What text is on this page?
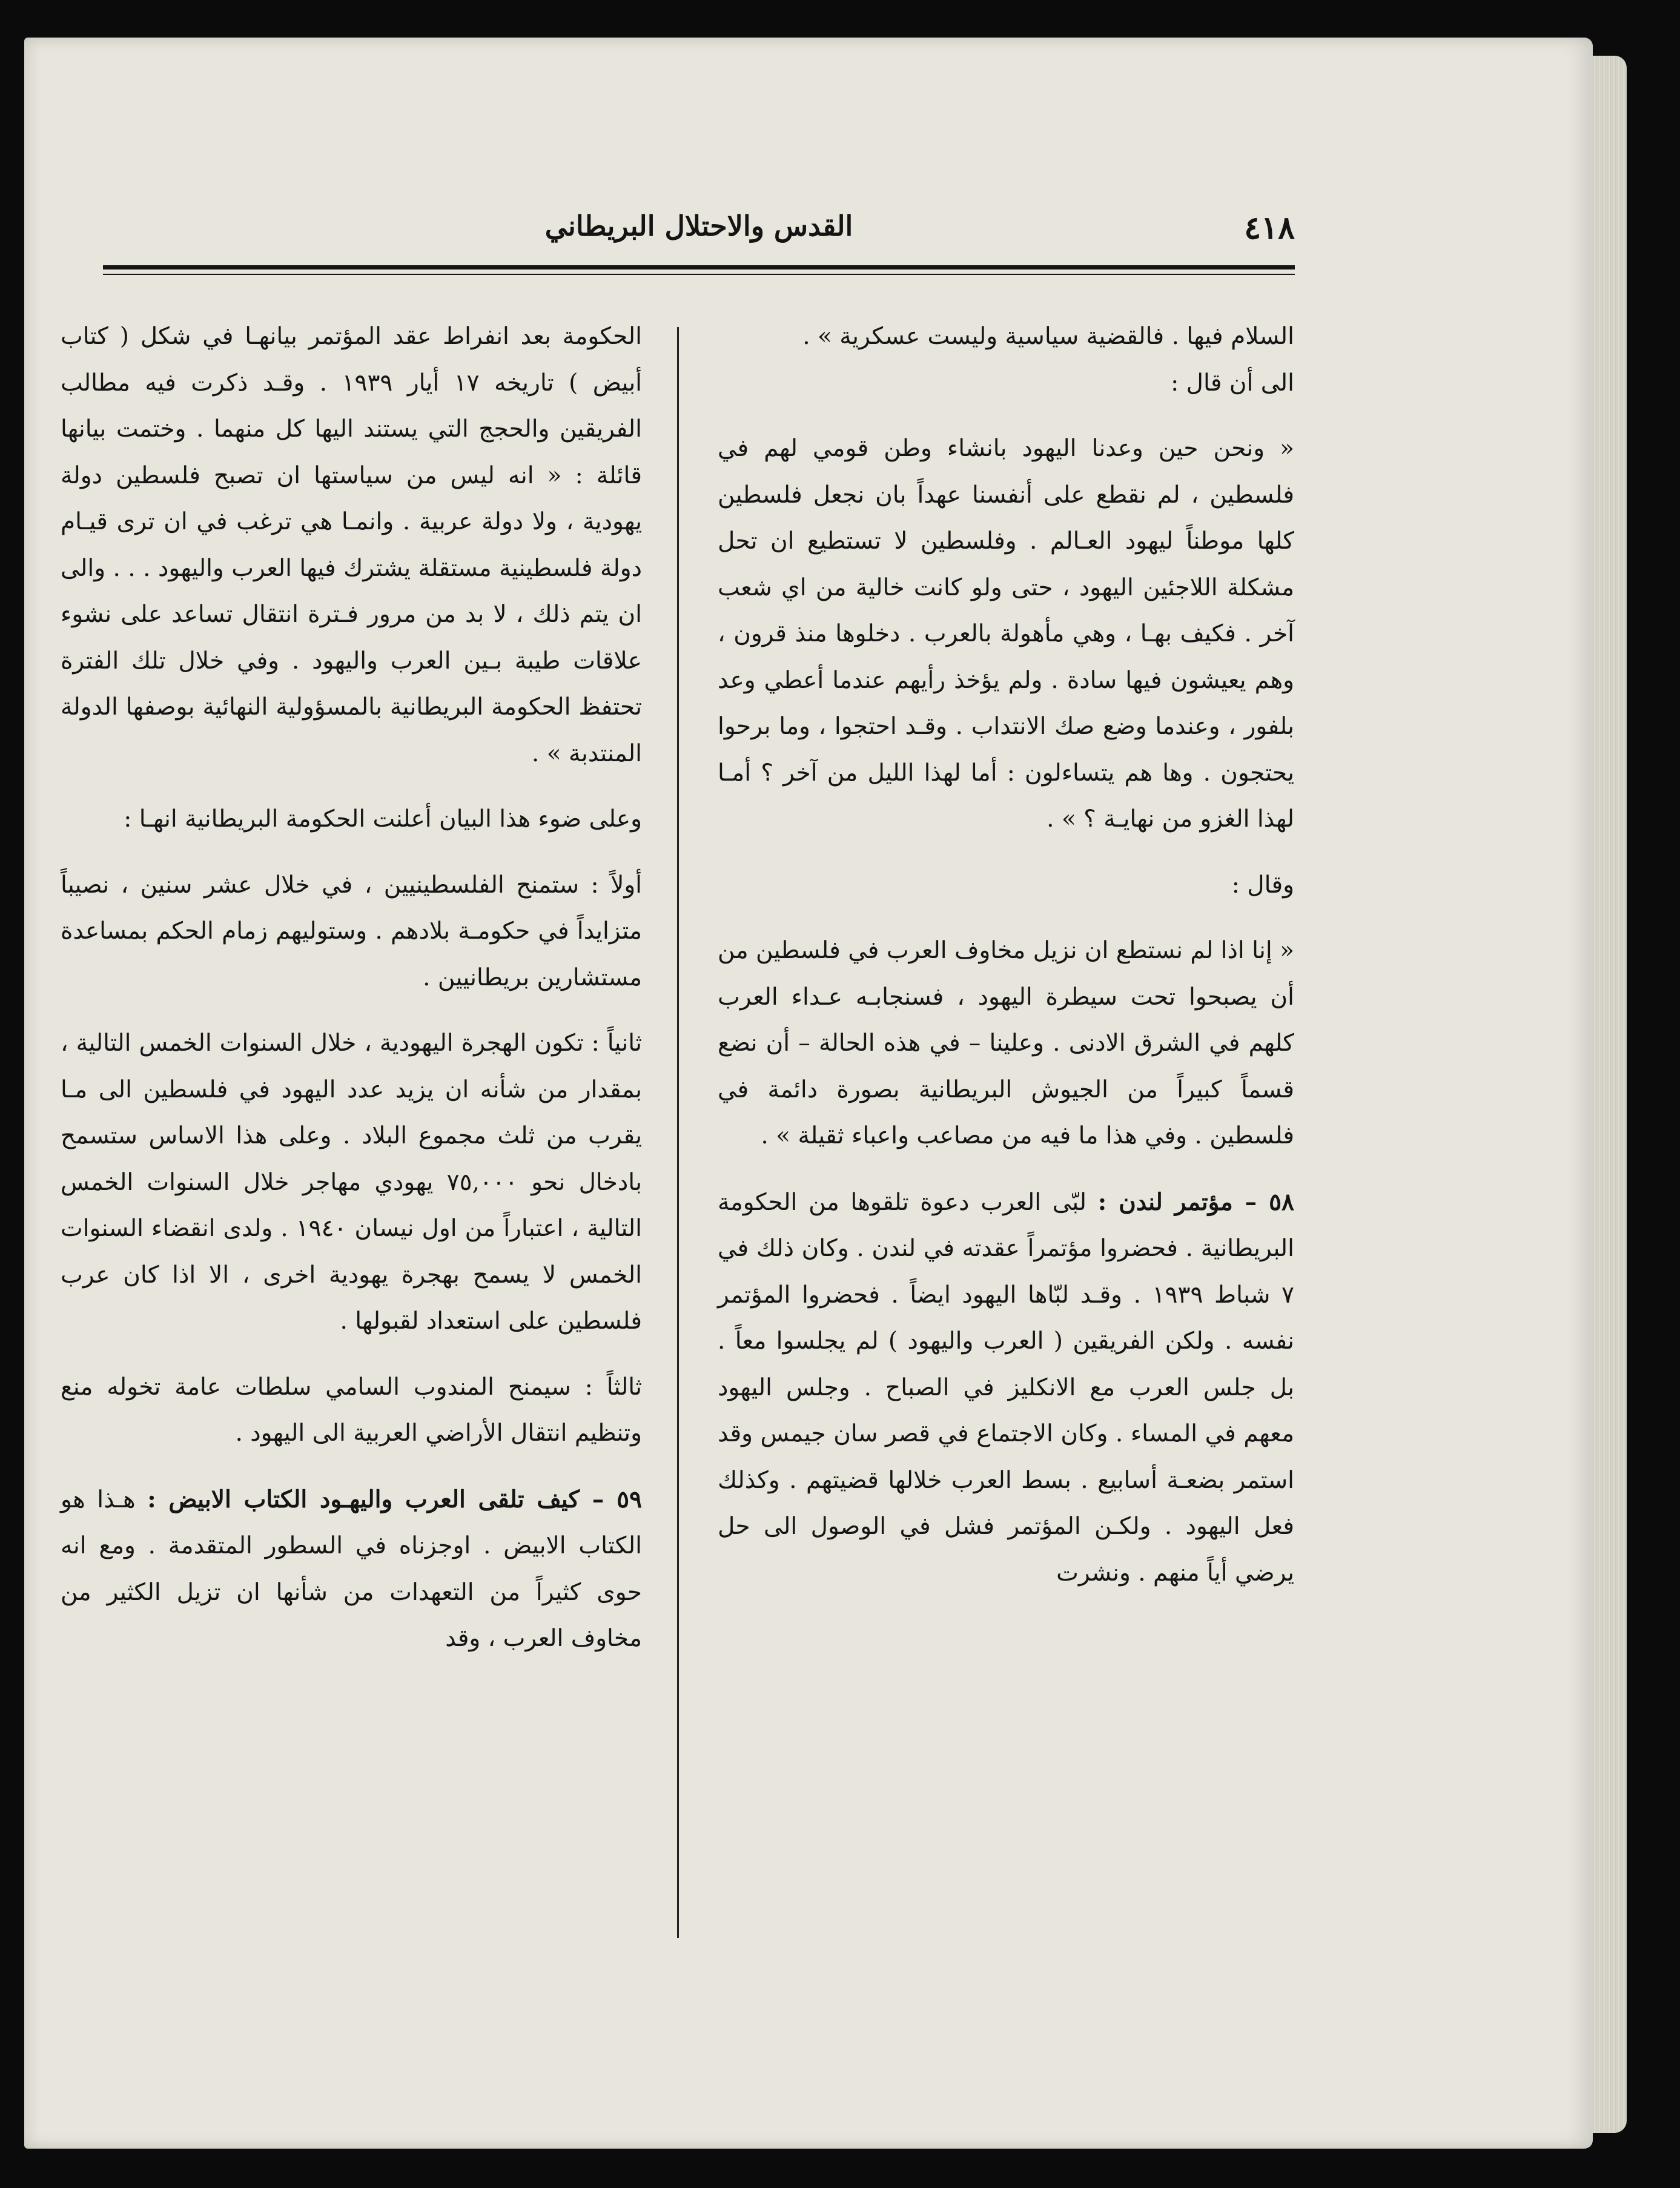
٤١٨
القدس والاحتلال البريطاني

السلام فيها . فالقضية سياسية وليست عسكرية » .

الى أن قال :

« ونحن حين وعدنا اليهود بانشاء وطن قومي لهم في فلسطين ، لم نقطع على أنفسنا عهداً بان نجعل فلسطين كلها موطناً ليهود العـالم . وفلسطين لا تستطيع ان تحل مشكلة اللاجئين اليهود ، حتى ولو كانت خالية من اي شعب آخر . فكيف بهـا ، وهي مأهولة بالعرب . دخلوها منذ قرون ، وهم يعيشون فيها سادة . ولم يؤخذ رأيهم عندما أعطي وعد بلفور ، وعندما وضع صك الانتداب . وقـد احتجوا ، وما برحوا يحتجون . وها هم يتساءلون : أما لهذا الليل من آخر ؟ أمـا لهذا الغزو من نهايـة ؟ » .

وقال :

« إنا اذا لم نستطع ان نزيل مخاوف العرب في فلسطين من أن يصبحوا تحت سيطرة اليهود ، فسنجابـه عـداء العرب كلهم في الشرق الادنى . وعلينا – في هذه الحالة – أن نضع قسماً كبيراً من الجيوش البريطانية بصورة دائمة في فلسطين . وفي هذا ما فيه من مصاعب واعباء ثقيلة » .

٥٨ – مؤتمر لندن : لبّى العرب دعوة تلقوها من الحكومة البريطانية . فحضروا مؤتمراً عقدته في لندن . وكان ذلك في ٧ شباط ١٩٣٩ . وقـد لبّاها اليهود ايضاً . فحضروا المؤتمر نفسه . ولكن الفريقين ( العرب واليهود ) لم يجلسوا معاً . بل جلس العرب مع الانكليز في الصباح . وجلس اليهود معهم في المساء . وكان الاجتماع في قصر سان جيمس وقد استمر بضعـة أسابيع . بسط العرب خلالها قضيتهم . وكذلك فعل اليهود . ولكـن المؤتمر فشل في الوصول الى حل يرضي أياً منهم . ونشرت

الحكومة بعد انفراط عقد المؤتمر بيانهـا في شكل ( كتاب أبيض ) تاريخه ١٧ أيار ١٩٣٩ . وقـد ذكرت فيه مطالب الفريقين والحجج التي يستند اليها كل منهما . وختمت بيانها قائلة : « انه ليس من سياستها ان تصبح فلسطين دولة يهودية ، ولا دولة عربية . وانمـا هي ترغب في ان ترى قيـام دولة فلسطينية مستقلة يشترك فيها العرب واليهود . . . والى ان يتم ذلك ، لا بد من مرور فـترة انتقال تساعد على نشوء علاقات طيبة بـين العرب واليهود . وفي خلال تلك الفترة تحتفظ الحكومة البريطانية بالمسؤولية النهائية بوصفها الدولة المنتدبة » .

وعلى ضوء هذا البيان أعلنت الحكومة البريطانية انهـا :

أولاً : ستمنح الفلسطينيين ، في خلال عشر سنين ، نصيباً متزايداً في حكومـة بلادهم . وستوليهم زمام الحكم بمساعدة مستشارين بريطانيين .

ثانياً : تكون الهجرة اليهودية ، خلال السنوات الخمس التالية ، بمقدار من شأنه ان يزيد عدد اليهود في فلسطين الى مـا يقرب من ثلث مجموع البلاد . وعلى هذا الاساس ستسمح بادخال نحو ٧٥,٠٠٠ يهودي مهاجر خلال السنوات الخمس التالية ، اعتباراً من اول نيسان ١٩٤٠ . ولدى انقضاء السنوات الخمس لا يسمح بهجرة يهودية اخرى ، الا اذا كان عرب فلسطين على استعداد لقبولها .

ثالثاً : سيمنح المندوب السامي سلطات عامة تخوله منع وتنظيم انتقال الأراضي العربية الى اليهود .

٥٩ – كيف تلقى العرب واليهـود الكتاب الابيض : هـذا هو الكتاب الابيض . اوجزناه في السطور المتقدمة . ومع انه حوى كثيراً من التعهدات من شأنها ان تزيل الكثير من مخاوف العرب ، وقد
